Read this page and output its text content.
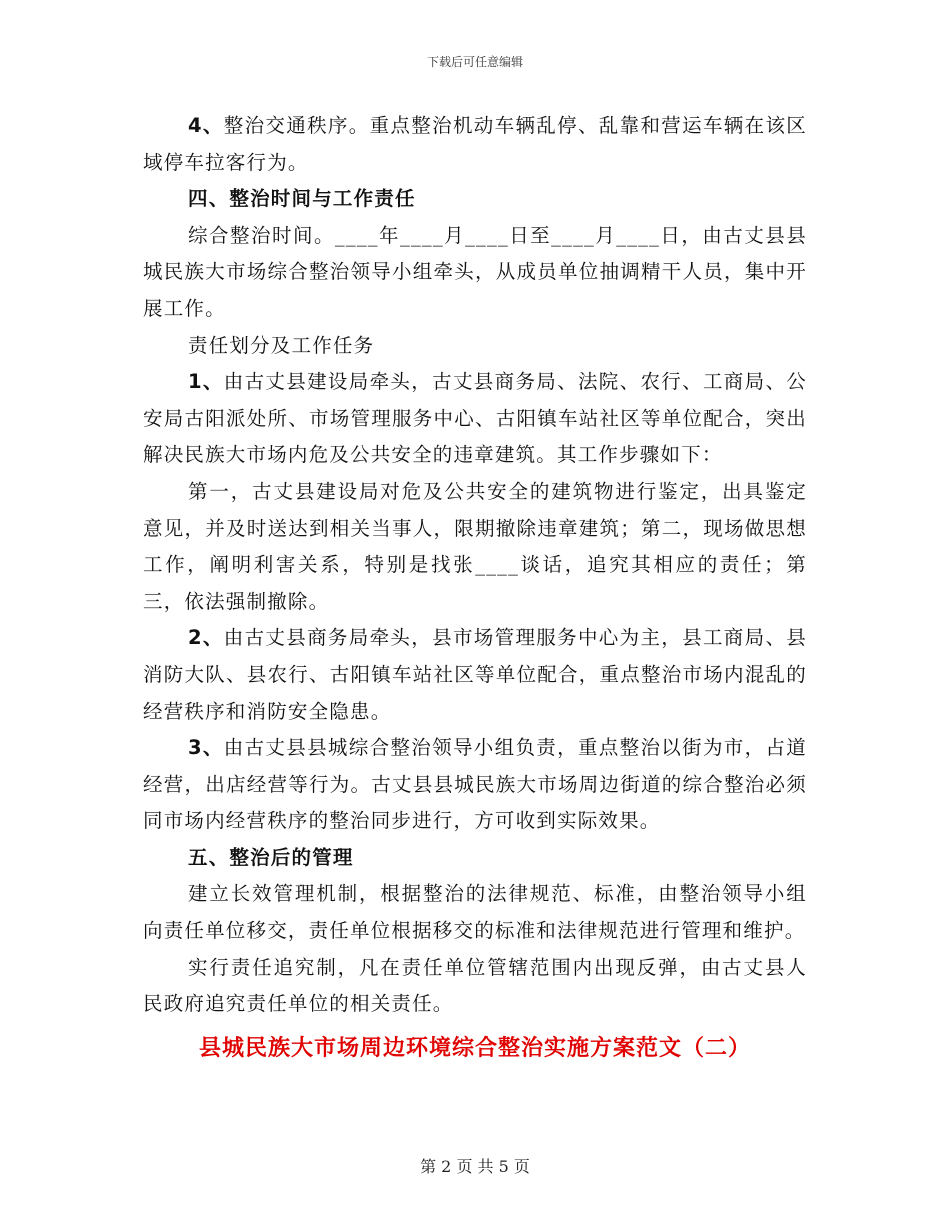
下载后可任意编辑

4、整治交通秩序。重点整治机动车辆乱停、乱靠和营运车辆在该区域停车拉客行为。

四、整治时间与工作责任

综合整治时间。____年____月____日至____月____日，由古丈县县城民族大市场综合整治领导小组牵头，从成员单位抽调精干人员，集中开展工作。

责任划分及工作任务

1、由古丈县建设局牵头，古丈县商务局、法院、农行、工商局、公安局古阳派处所、市场管理服务中心、古阳镇车站社区等单位配合，突出解决民族大市场内危及公共安全的违章建筑。其工作步骤如下：

第一，古丈县建设局对危及公共安全的建筑物进行鉴定，出具鉴定意见，并及时送达到相关当事人，限期撤除违章建筑；第二，现场做思想工作，阐明利害关系，特别是找张____谈话，追究其相应的责任；第三，依法强制撤除。

2、由古丈县商务局牵头，县市场管理服务中心为主，县工商局、县消防大队、县农行、古阳镇车站社区等单位配合，重点整治市场内混乱的经营秩序和消防安全隐患。

3、由古丈县县城综合整治领导小组负责，重点整治以街为市，占道经营，出店经营等行为。古丈县县城民族大市场周边街道的综合整治必须同市场内经营秩序的整治同步进行，方可收到实际效果。

五、整治后的管理

建立长效管理机制，根据整治的法律规范、标准，由整治领导小组向责任单位移交，责任单位根据移交的标准和法律规范进行管理和维护。

实行责任追究制，凡在责任单位管辖范围内出现反弹，由古丈县人民政府追究责任单位的相关责任。

县城民族大市场周边环境综合整治实施方案范文（二）

第 2 页 共 5 页
